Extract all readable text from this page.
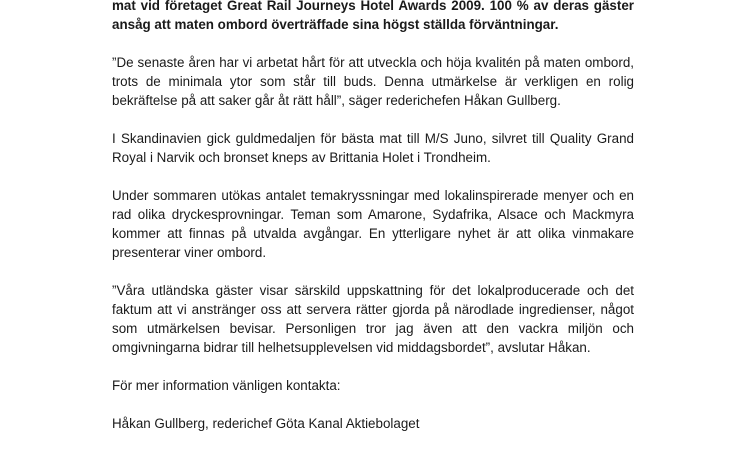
mat vid företaget Great Rail Journeys Hotel Awards 2009. 100 % av deras gäster ansåg att maten ombord överträffade sina högst ställda förväntningar.

”De senaste åren har vi arbetat hårt för att utveckla och höja kvalitén på maten ombord, trots de minimala ytor som står till buds. Denna utmärkelse är verkligen en rolig bekräftelse på att saker går åt rätt håll”, säger rederichefen Håkan Gullberg.

I Skandinavien gick guldmedaljen för bästa mat till M/S Juno, silvret till Quality Grand Royal i Narvik och bronset kneps av Brittania Holet i Trondheim.

Under sommaren utökas antalet temakryssningar med lokalinspirerade menyer och en rad olika dryckesprovningar. Teman som Amarone, Sydafrika, Alsace och Mackmyra kommer att finnas på utvalda avgångar. En ytterligare nyhet är att olika vinmakare presenterar viner ombord.

”Våra utländska gäster visar särskild uppskattning för det lokalproducerade och det faktum att vi anstränger oss att servera rätter gjorda på närodlade ingredienser, något som utmärkelsen bevisar. Personligen tror jag även att den vackra miljön och omgivningarna bidrar till helhetsupplevelsen vid middagsbordet”, avslutar Håkan.

För mer information vänligen kontakta:

Håkan Gullberg, rederichef Göta Kanal Aktiebolaget
